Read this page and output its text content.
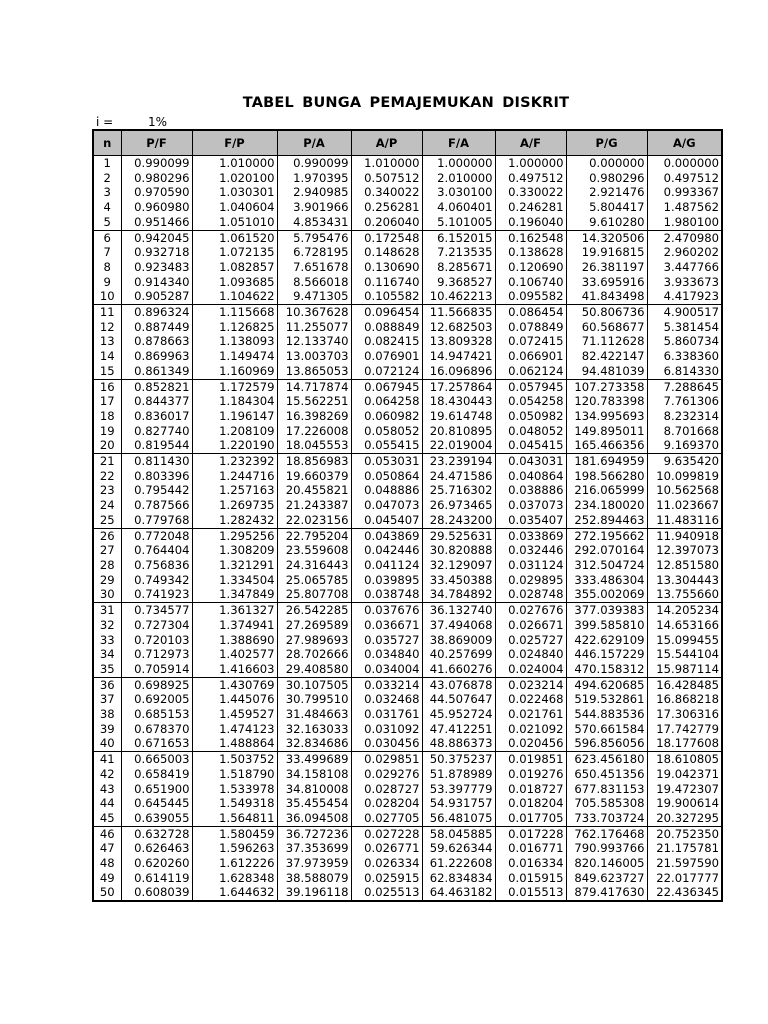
TABEL BUNGA PEMAJEMUKAN DISKRIT
i =	1%
n	P/F	F/P	P/A	A/P	F/A	A/F	P/G	A/G
1	0.990099	1.010000	0.990099	1.010000	1.000000	1.000000	0.000000	0.000000
2	0.980296	1.020100	1.970395	0.507512	2.010000	0.497512	0.980296	0.497512
3	0.970590	1.030301	2.940985	0.340022	3.030100	0.330022	2.921476	0.993367
4	0.960980	1.040604	3.901966	0.256281	4.060401	0.246281	5.804417	1.487562
5	0.951466	1.051010	4.853431	0.206040	5.101005	0.196040	9.610280	1.980100
6	0.942045	1.061520	5.795476	0.172548	6.152015	0.162548	14.320506	2.470980
7	0.932718	1.072135	6.728195	0.148628	7.213535	0.138628	19.916815	2.960202
8	0.923483	1.082857	7.651678	0.130690	8.285671	0.120690	26.381197	3.447766
9	0.914340	1.093685	8.566018	0.116740	9.368527	0.106740	33.695916	3.933673
10	0.905287	1.104622	9.471305	0.105582	10.462213	0.095582	41.843498	4.417923
11	0.896324	1.115668	10.367628	0.096454	11.566835	0.086454	50.806736	4.900517
12	0.887449	1.126825	11.255077	0.088849	12.682503	0.078849	60.568677	5.381454
13	0.878663	1.138093	12.133740	0.082415	13.809328	0.072415	71.112628	5.860734
14	0.869963	1.149474	13.003703	0.076901	14.947421	0.066901	82.422147	6.338360
15	0.861349	1.160969	13.865053	0.072124	16.096896	0.062124	94.481039	6.814330
16	0.852821	1.172579	14.717874	0.067945	17.257864	0.057945	107.273358	7.288645
17	0.844377	1.184304	15.562251	0.064258	18.430443	0.054258	120.783398	7.761306
18	0.836017	1.196147	16.398269	0.060982	19.614748	0.050982	134.995693	8.232314
19	0.827740	1.208109	17.226008	0.058052	20.810895	0.048052	149.895011	8.701668
20	0.819544	1.220190	18.045553	0.055415	22.019004	0.045415	165.466356	9.169370
21	0.811430	1.232392	18.856983	0.053031	23.239194	0.043031	181.694959	9.635420
22	0.803396	1.244716	19.660379	0.050864	24.471586	0.040864	198.566280	10.099819
23	0.795442	1.257163	20.455821	0.048886	25.716302	0.038886	216.065999	10.562568
24	0.787566	1.269735	21.243387	0.047073	26.973465	0.037073	234.180020	11.023667
25	0.779768	1.282432	22.023156	0.045407	28.243200	0.035407	252.894463	11.483116
26	0.772048	1.295256	22.795204	0.043869	29.525631	0.033869	272.195662	11.940918
27	0.764404	1.308209	23.559608	0.042446	30.820888	0.032446	292.070164	12.397073
28	0.756836	1.321291	24.316443	0.041124	32.129097	0.031124	312.504724	12.851580
29	0.749342	1.334504	25.065785	0.039895	33.450388	0.029895	333.486304	13.304443
30	0.741923	1.347849	25.807708	0.038748	34.784892	0.028748	355.002069	13.755660
31	0.734577	1.361327	26.542285	0.037676	36.132740	0.027676	377.039383	14.205234
32	0.727304	1.374941	27.269589	0.036671	37.494068	0.026671	399.585810	14.653166
33	0.720103	1.388690	27.989693	0.035727	38.869009	0.025727	422.629109	15.099455
34	0.712973	1.402577	28.702666	0.034840	40.257699	0.024840	446.157229	15.544104
35	0.705914	1.416603	29.408580	0.034004	41.660276	0.024004	470.158312	15.987114
36	0.698925	1.430769	30.107505	0.033214	43.076878	0.023214	494.620685	16.428485
37	0.692005	1.445076	30.799510	0.032468	44.507647	0.022468	519.532861	16.868218
38	0.685153	1.459527	31.484663	0.031761	45.952724	0.021761	544.883536	17.306316
39	0.678370	1.474123	32.163033	0.031092	47.412251	0.021092	570.661584	17.742779
40	0.671653	1.488864	32.834686	0.030456	48.886373	0.020456	596.856056	18.177608
41	0.665003	1.503752	33.499689	0.029851	50.375237	0.019851	623.456180	18.610805
42	0.658419	1.518790	34.158108	0.029276	51.878989	0.019276	650.451356	19.042371
43	0.651900	1.533978	34.810008	0.028727	53.397779	0.018727	677.831153	19.472307
44	0.645445	1.549318	35.455454	0.028204	54.931757	0.018204	705.585308	19.900614
45	0.639055	1.564811	36.094508	0.027705	56.481075	0.017705	733.703724	20.327295
46	0.632728	1.580459	36.727236	0.027228	58.045885	0.017228	762.176468	20.752350
47	0.626463	1.596263	37.353699	0.026771	59.626344	0.016771	790.993766	21.175781
48	0.620260	1.612226	37.973959	0.026334	61.222608	0.016334	820.146005	21.597590
49	0.614119	1.628348	38.588079	0.025915	62.834834	0.015915	849.623727	22.017777
50	0.608039	1.644632	39.196118	0.025513	64.463182	0.015513	879.417630	22.436345
